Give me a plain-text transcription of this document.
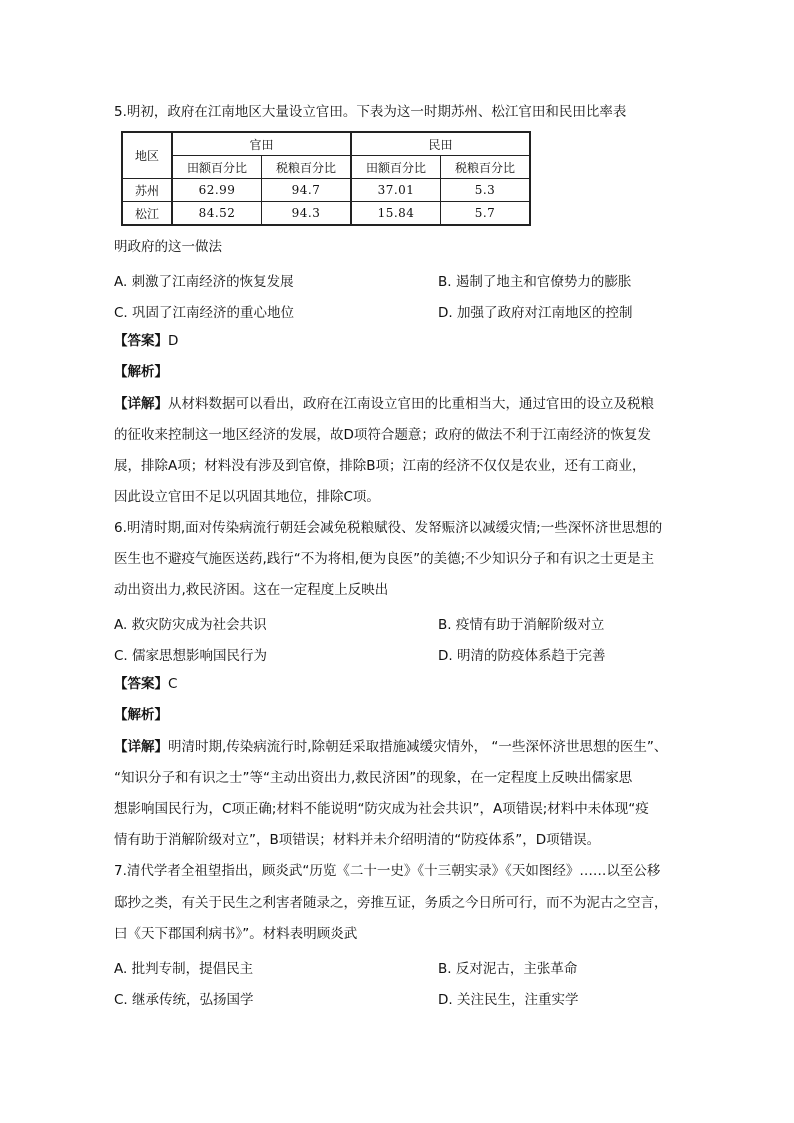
5.明初，政府在江南地区大量设立官田。下表为这一时期苏州、松江官田和民田比率表
地区	官田		民田	
	田额百分比	税粮百分比	田额百分比	税粮百分比
苏州	62.99	94.7	37.01	5.3
松江	84.52	94.3	15.84	5.7
明政府的这一做法
A. 刺激了江南经济的恢复发展	B. 遏制了地主和官僚势力的膨胀
C. 巩固了江南经济的重心地位	D. 加强了政府对江南地区的控制
【答案】D
【解析】
【详解】从材料数据可以看出，政府在江南设立官田的比重相当大，通过官田的设立及税粮
的征收来控制这一地区经济的发展，故D项符合题意；政府的做法不利于江南经济的恢复发
展，排除A项；材料没有涉及到官僚，排除B项；江南的经济不仅仅是农业，还有工商业，
因此设立官田不足以巩固其地位，排除C项。
6.明清时期,面对传染病流行朝廷会减免税粮赋役、发帑赈济以减缓灾情;一些深怀济世思想的
医生也不避疫气施医送药,践行“不为将相,便为良医”的美德;不少知识分子和有识之士更是主
动出资出力,救民济困。这在一定程度上反映出
A. 救灾防灾成为社会共识	B. 疫情有助于消解阶级对立
C. 儒家思想影响国民行为	D. 明清的防疫体系趋于完善
【答案】C
【解析】
【详解】明清时期,传染病流行时,除朝廷采取措施减缓灾情外， “一些深怀济世思想的医生”、
“知识分子和有识之士”等“主动出资出力,救民济困”的现象，在一定程度上反映出儒家思
想影响国民行为，C项正确;材料不能说明“防灾成为社会共识”，A项错误;材料中未体现“疫
情有助于消解阶级对立”，B项错误；材料并未介绍明清的“防疫体系”，D项错误。
7.清代学者全祖望指出，顾炎武“历览《二十一史》《十三朝实录》《天如图经》……以至公移
邸抄之类，有关于民生之利害者随录之，旁推互证，务质之今日所可行，而不为泥古之空言，
曰《天下郡国利病书》”。材料表明顾炎武
A. 批判专制，提倡民主	B. 反对泥古，主张革命
C. 继承传统，弘扬国学	D. 关注民生，注重实学
